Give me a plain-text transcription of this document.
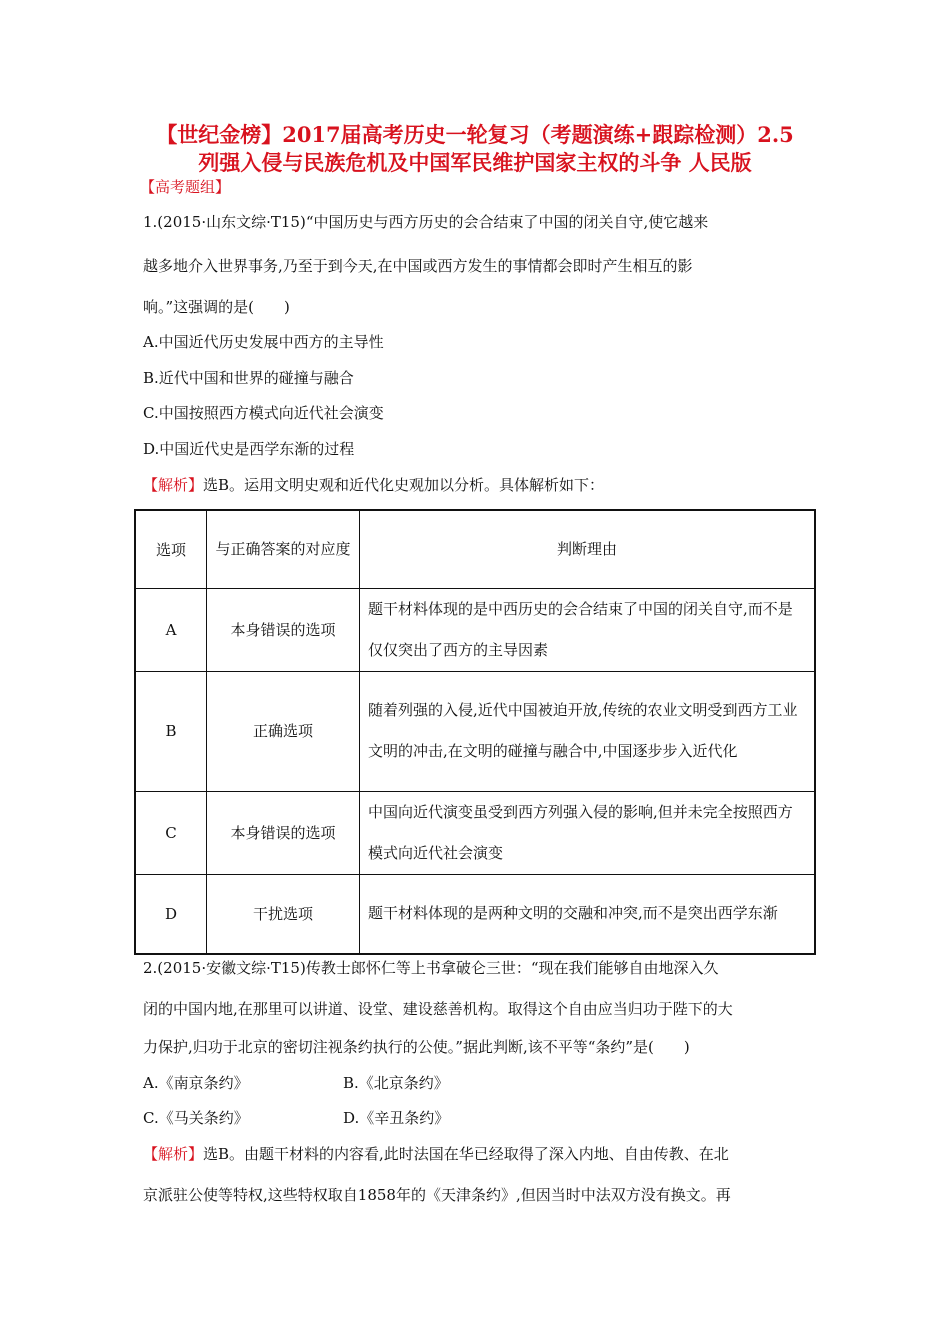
【世纪金榜】2017届高考历史一轮复习（考题演练+跟踪检测）2.5
列强入侵与民族危机及中国军民维护国家主权的斗争 人民版
【高考题组】
1.(2015·山东文综·T15)“中国历史与西方历史的会合结束了中国的闭关自守,使它越来
越多地介入世界事务,乃至于到今天,在中国或西方发生的事情都会即时产生相互的影
响。”这强调的是(　　)
A.中国近代历史发展中西方的主导性
B.近代中国和世界的碰撞与融合
C.中国按照西方模式向近代社会演变
D.中国近代史是西学东渐的过程
【解析】选B。运用文明史观和近代化史观加以分析。具体解析如下：
选项	与正确答案的对应度	判断理由
A	本身错误的选项	题干材料体现的是中西历史的会合结束了中国的闭关自守,而不是仅仅突出了西方的主导因素
B	正确选项	随着列强的入侵,近代中国被迫开放,传统的农业文明受到西方工业文明的冲击,在文明的碰撞与融合中,中国逐步步入近代化
C	本身错误的选项	中国向近代演变虽受到西方列强入侵的影响,但并未完全按照西方模式向近代社会演变
D	干扰选项	题干材料体现的是两种文明的交融和冲突,而不是突出西学东渐
2.(2015·安徽文综·T15)传教士郎怀仁等上书拿破仑三世：“现在我们能够自由地深入久
闭的中国内地,在那里可以讲道、设堂、建设慈善机构。取得这个自由应当归功于陛下的大
力保护,归功于北京的密切注视条约执行的公使。”据此判断,该不平等“条约”是(　　)
A.《南京条约》	B.《北京条约》
C.《马关条约》	D.《辛丑条约》
【解析】选B。由题干材料的内容看,此时法国在华已经取得了深入内地、自由传教、在北
京派驻公使等特权,这些特权取自1858年的《天津条约》,但因当时中法双方没有换文。再
